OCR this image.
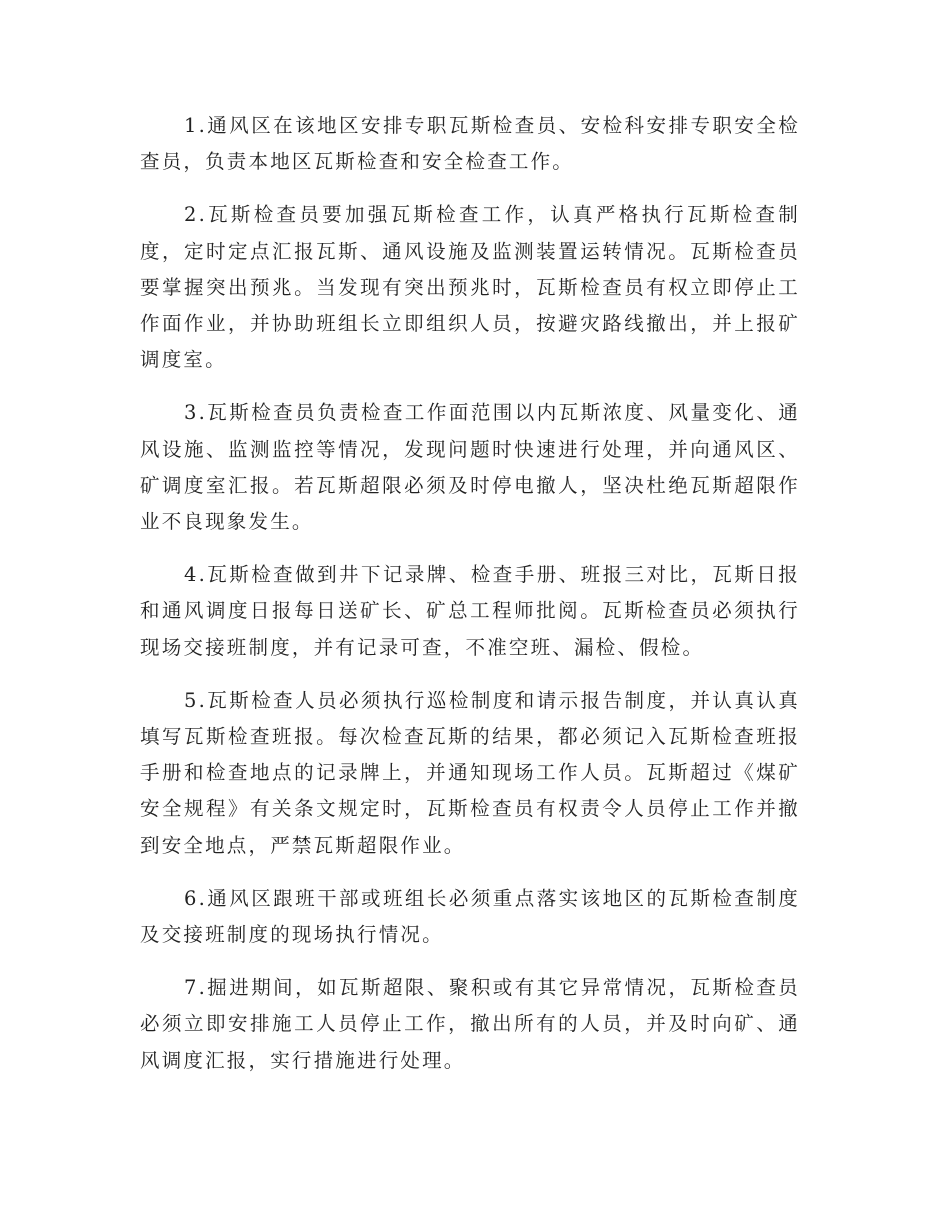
1.通风区在该地区安排专职瓦斯检查员、安检科安排专职安全检查员，负责本地区瓦斯检查和安全检查工作。

2.瓦斯检查员要加强瓦斯检查工作，认真严格执行瓦斯检查制度，定时定点汇报瓦斯、通风设施及监测装置运转情况。瓦斯检查员要掌握突出预兆。当发现有突出预兆时，瓦斯检查员有权立即停止工作面作业，并协助班组长立即组织人员，按避灾路线撤出，并上报矿调度室。

3.瓦斯检查员负责检查工作面范围以内瓦斯浓度、风量变化、通风设施、监测监控等情况，发现问题时快速进行处理，并向通风区、矿调度室汇报。若瓦斯超限必须及时停电撤人，坚决杜绝瓦斯超限作业不良现象发生。

4.瓦斯检查做到井下记录牌、检查手册、班报三对比，瓦斯日报和通风调度日报每日送矿长、矿总工程师批阅。瓦斯检查员必须执行现场交接班制度，并有记录可查，不准空班、漏检、假检。

5.瓦斯检查人员必须执行巡检制度和请示报告制度，并认真认真填写瓦斯检查班报。每次检查瓦斯的结果，都必须记入瓦斯检查班报手册和检查地点的记录牌上，并通知现场工作人员。瓦斯超过《煤矿安全规程》有关条文规定时，瓦斯检查员有权责令人员停止工作并撤到安全地点，严禁瓦斯超限作业。

6.通风区跟班干部或班组长必须重点落实该地区的瓦斯检查制度及交接班制度的现场执行情况。

7.掘进期间，如瓦斯超限、聚积或有其它异常情况，瓦斯检查员必须立即安排施工人员停止工作，撤出所有的人员，并及时向矿、通风调度汇报，实行措施进行处理。
